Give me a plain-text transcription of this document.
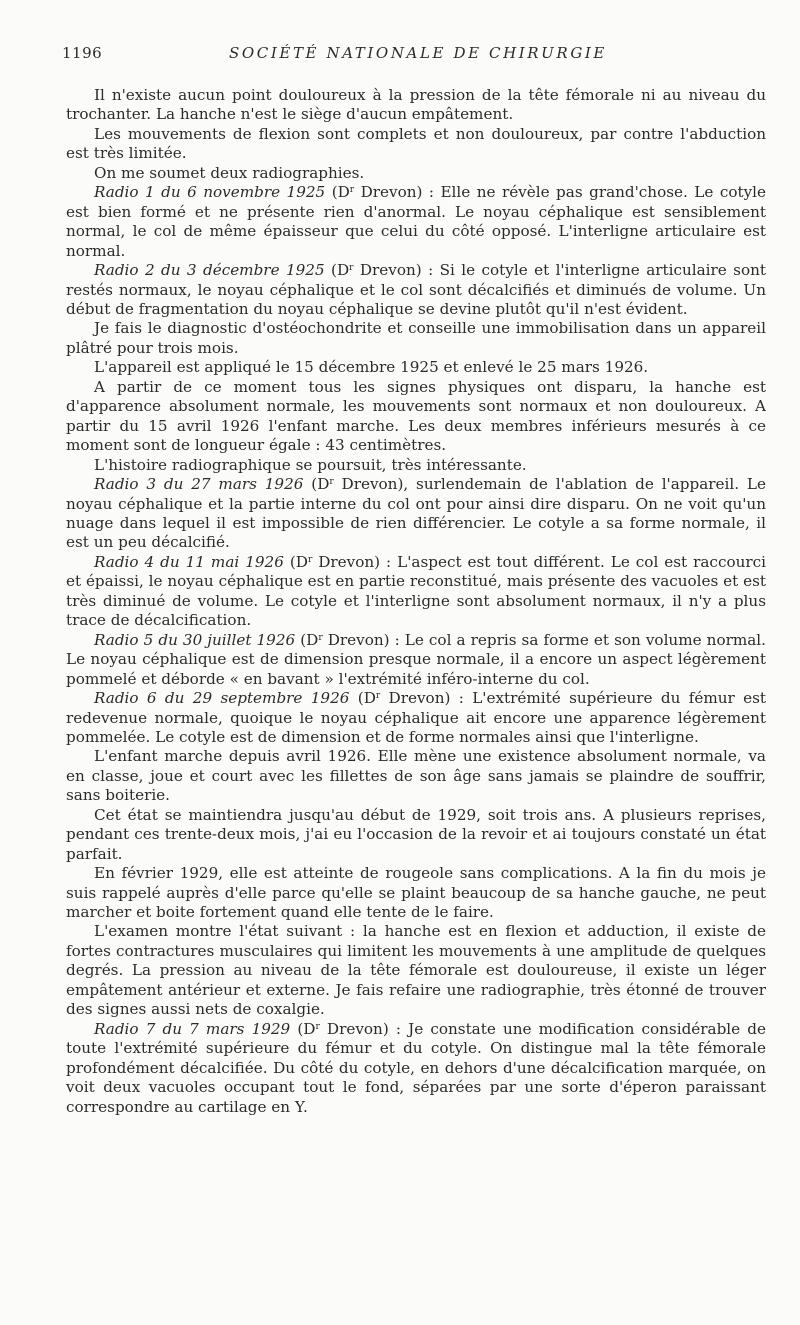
1196	SOCIÉTÉ NATIONALE DE CHIRURGIE

Il n'existe aucun point douloureux à la pression de la tête fémorale ni au niveau du trochanter. La hanche n'est le siège d'aucun empâtement.

Les mouvements de flexion sont complets et non douloureux, par contre l'abduction est très limitée.

On me soumet deux radiographies.

Radio 1 du 6 novembre 1925 ($D^r$ Drevon) : Elle ne révèle pas grand'chose. Le cotyle est bien formé et ne présente rien d'anormal. Le noyau céphalique est sensiblement normal, le col de même épaisseur que celui du côté opposé. L'interligne articulaire est normal.

Radio 2 du 3 décembre 1925 ($D^r$ Drevon) : Si le cotyle et l'interligne articulaire sont restés normaux, le noyau céphalique et le col sont décalcifiés et diminués de volume. Un début de fragmentation du noyau céphalique se devine plutôt qu'il n'est évident.

Je fais le diagnostic d'ostéochondrite et conseille une immobilisation dans un appareil plâtré pour trois mois.

L'appareil est appliqué le 15 décembre 1925 et enlevé le 25 mars 1926.

A partir de ce moment tous les signes physiques ont disparu, la hanche est d'apparence absolument normale, les mouvements sont normaux et non douloureux. A partir du 15 avril 1926 l'enfant marche. Les deux membres inférieurs mesurés à ce moment sont de longueur égale : 43 centimètres.

L'histoire radiographique se poursuit, très intéressante.

Radio 3 du 27 mars 1926 ($D^r$ Drevon), surlendemain de l'ablation de l'appareil. Le noyau céphalique et la partie interne du col ont pour ainsi dire disparu. On ne voit qu'un nuage dans lequel il est impossible de rien différencier. Le cotyle a sa forme normale, il est un peu décalcifié.

Radio 4 du 11 mai 1926 ($D^r$ Drevon) : L'aspect est tout différent. Le col est raccourci et épaissi, le noyau céphalique est en partie reconstitué, mais présente des vacuoles et est très diminué de volume. Le cotyle et l'interligne sont absolument normaux, il n'y a plus trace de décalcification.

Radio 5 du 30 juillet 1926 ($D^r$ Drevon) : Le col a repris sa forme et son volume normal. Le noyau céphalique est de dimension presque normale, il a encore un aspect légèrement pommelé et déborde « en bavant » l'extrémité inféro-interne du col.

Radio 6 du 29 septembre 1926 ($D^r$ Drevon) : L'extrémité supérieure du fémur est redevenue normale, quoique le noyau céphalique ait encore une apparence légèrement pommelée. Le cotyle est de dimension et de forme normales ainsi que l'interligne.

L'enfant marche depuis avril 1926. Elle mène une existence absolument normale, va en classe, joue et court avec les fillettes de son âge sans jamais se plaindre de souffrir, sans boiterie.

Cet état se maintiendra jusqu'au début de 1929, soit trois ans. A plusieurs reprises, pendant ces trente-deux mois, j'ai eu l'occasion de la revoir et ai toujours constaté un état parfait.

En février 1929, elle est atteinte de rougeole sans complications. A la fin du mois je suis rappelé auprès d'elle parce qu'elle se plaint beaucoup de sa hanche gauche, ne peut marcher et boite fortement quand elle tente de le faire.

L'examen montre l'état suivant : la hanche est en flexion et adduction, il existe de fortes contractures musculaires qui limitent les mouvements à une amplitude de quelques degrés. La pression au niveau de la tête fémorale est douloureuse, il existe un léger empâtement antérieur et externe. Je fais refaire une radiographie, très étonné de trouver des signes aussi nets de coxalgie.

Radio 7 du 7 mars 1929 ($D^r$ Drevon) : Je constate une modification considérable de toute l'extrémité supérieure du fémur et du cotyle. On distingue mal la tête fémorale profondément décalcifiée. Du côté du cotyle, en dehors d'une décalcification marquée, on voit deux vacuoles occupant tout le fond, séparées par une sorte d'éperon paraissant correspondre au cartilage en Y.
